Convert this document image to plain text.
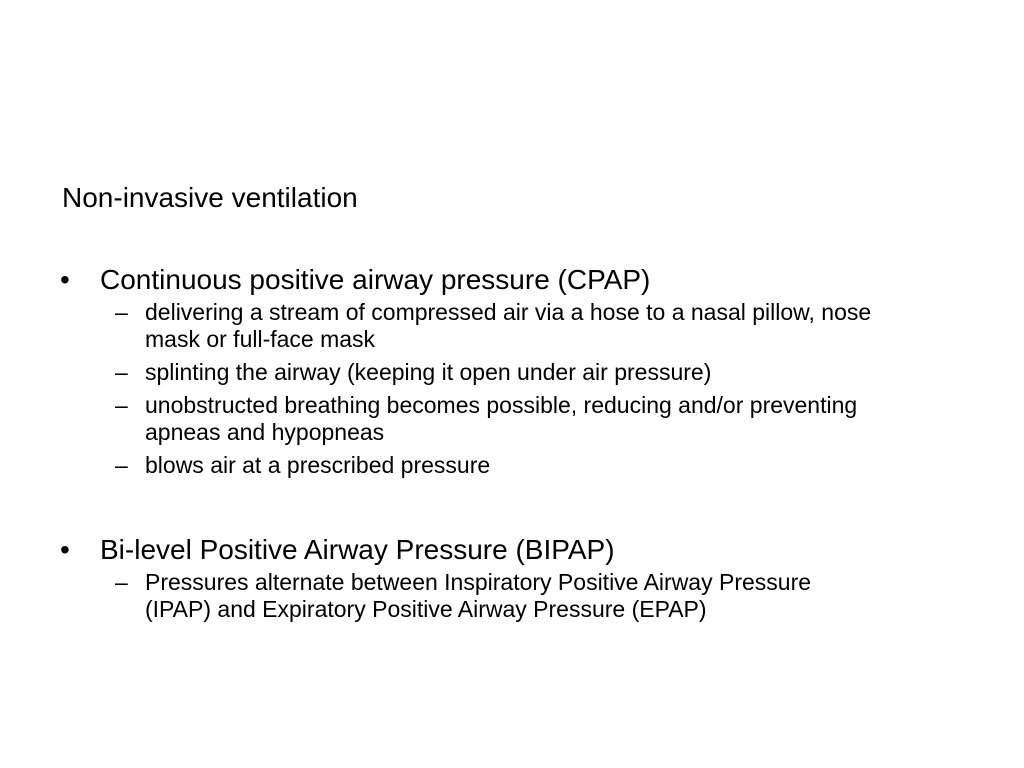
Non-invasive ventilation
•	Continuous positive airway pressure (CPAP)
– delivering a stream of compressed air via a hose to a nasal pillow, nose mask or full-face mask
– splinting the airway (keeping it open under air pressure)
– unobstructed breathing becomes possible, reducing and/or preventing apneas and hypopneas
– blows air at a prescribed pressure
•	Bi-level Positive Airway Pressure (BIPAP)
– Pressures alternate between Inspiratory Positive Airway Pressure (IPAP) and Expiratory Positive Airway Pressure (EPAP)
